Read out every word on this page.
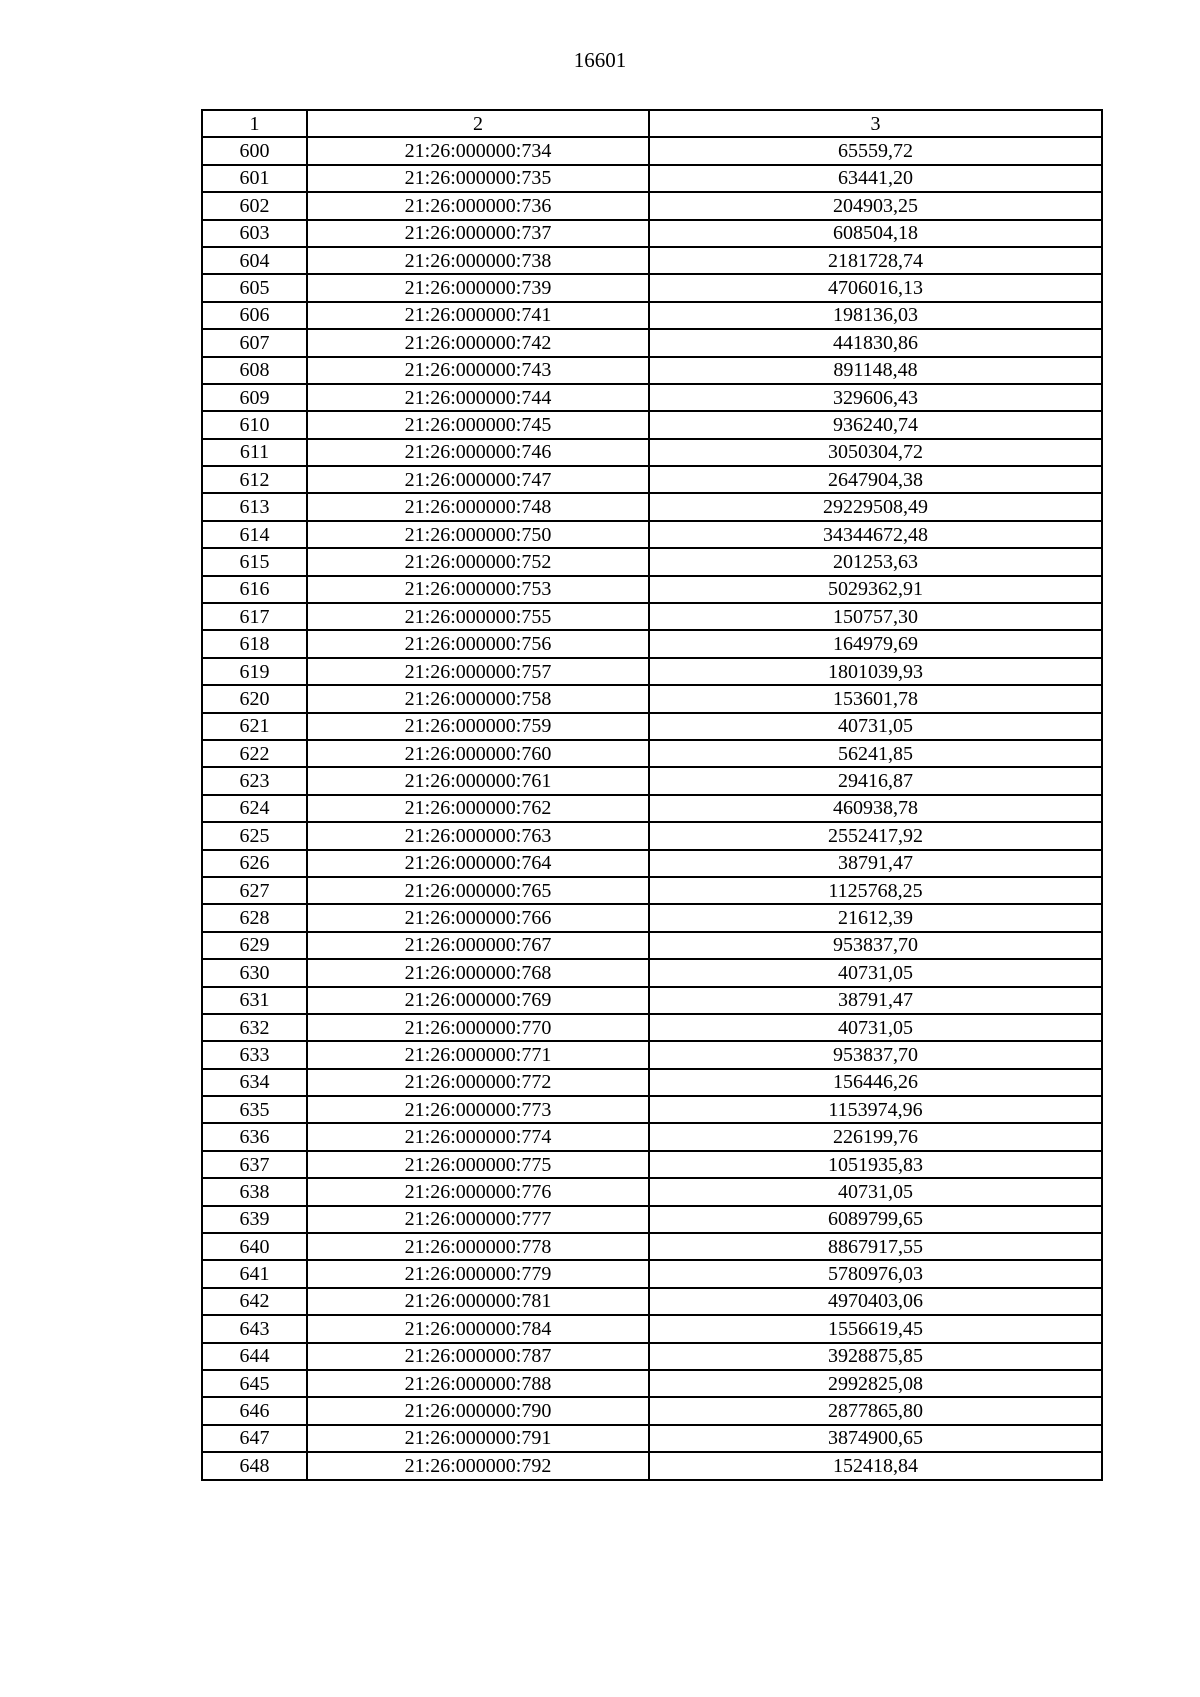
16601
1	2	3
600	21:26:000000:734	65559,72
601	21:26:000000:735	63441,20
602	21:26:000000:736	204903,25
603	21:26:000000:737	608504,18
604	21:26:000000:738	2181728,74
605	21:26:000000:739	4706016,13
606	21:26:000000:741	198136,03
607	21:26:000000:742	441830,86
608	21:26:000000:743	891148,48
609	21:26:000000:744	329606,43
610	21:26:000000:745	936240,74
611	21:26:000000:746	3050304,72
612	21:26:000000:747	2647904,38
613	21:26:000000:748	29229508,49
614	21:26:000000:750	34344672,48
615	21:26:000000:752	201253,63
616	21:26:000000:753	5029362,91
617	21:26:000000:755	150757,30
618	21:26:000000:756	164979,69
619	21:26:000000:757	1801039,93
620	21:26:000000:758	153601,78
621	21:26:000000:759	40731,05
622	21:26:000000:760	56241,85
623	21:26:000000:761	29416,87
624	21:26:000000:762	460938,78
625	21:26:000000:763	2552417,92
626	21:26:000000:764	38791,47
627	21:26:000000:765	1125768,25
628	21:26:000000:766	21612,39
629	21:26:000000:767	953837,70
630	21:26:000000:768	40731,05
631	21:26:000000:769	38791,47
632	21:26:000000:770	40731,05
633	21:26:000000:771	953837,70
634	21:26:000000:772	156446,26
635	21:26:000000:773	1153974,96
636	21:26:000000:774	226199,76
637	21:26:000000:775	1051935,83
638	21:26:000000:776	40731,05
639	21:26:000000:777	6089799,65
640	21:26:000000:778	8867917,55
641	21:26:000000:779	5780976,03
642	21:26:000000:781	4970403,06
643	21:26:000000:784	1556619,45
644	21:26:000000:787	3928875,85
645	21:26:000000:788	2992825,08
646	21:26:000000:790	2877865,80
647	21:26:000000:791	3874900,65
648	21:26:000000:792	152418,84
